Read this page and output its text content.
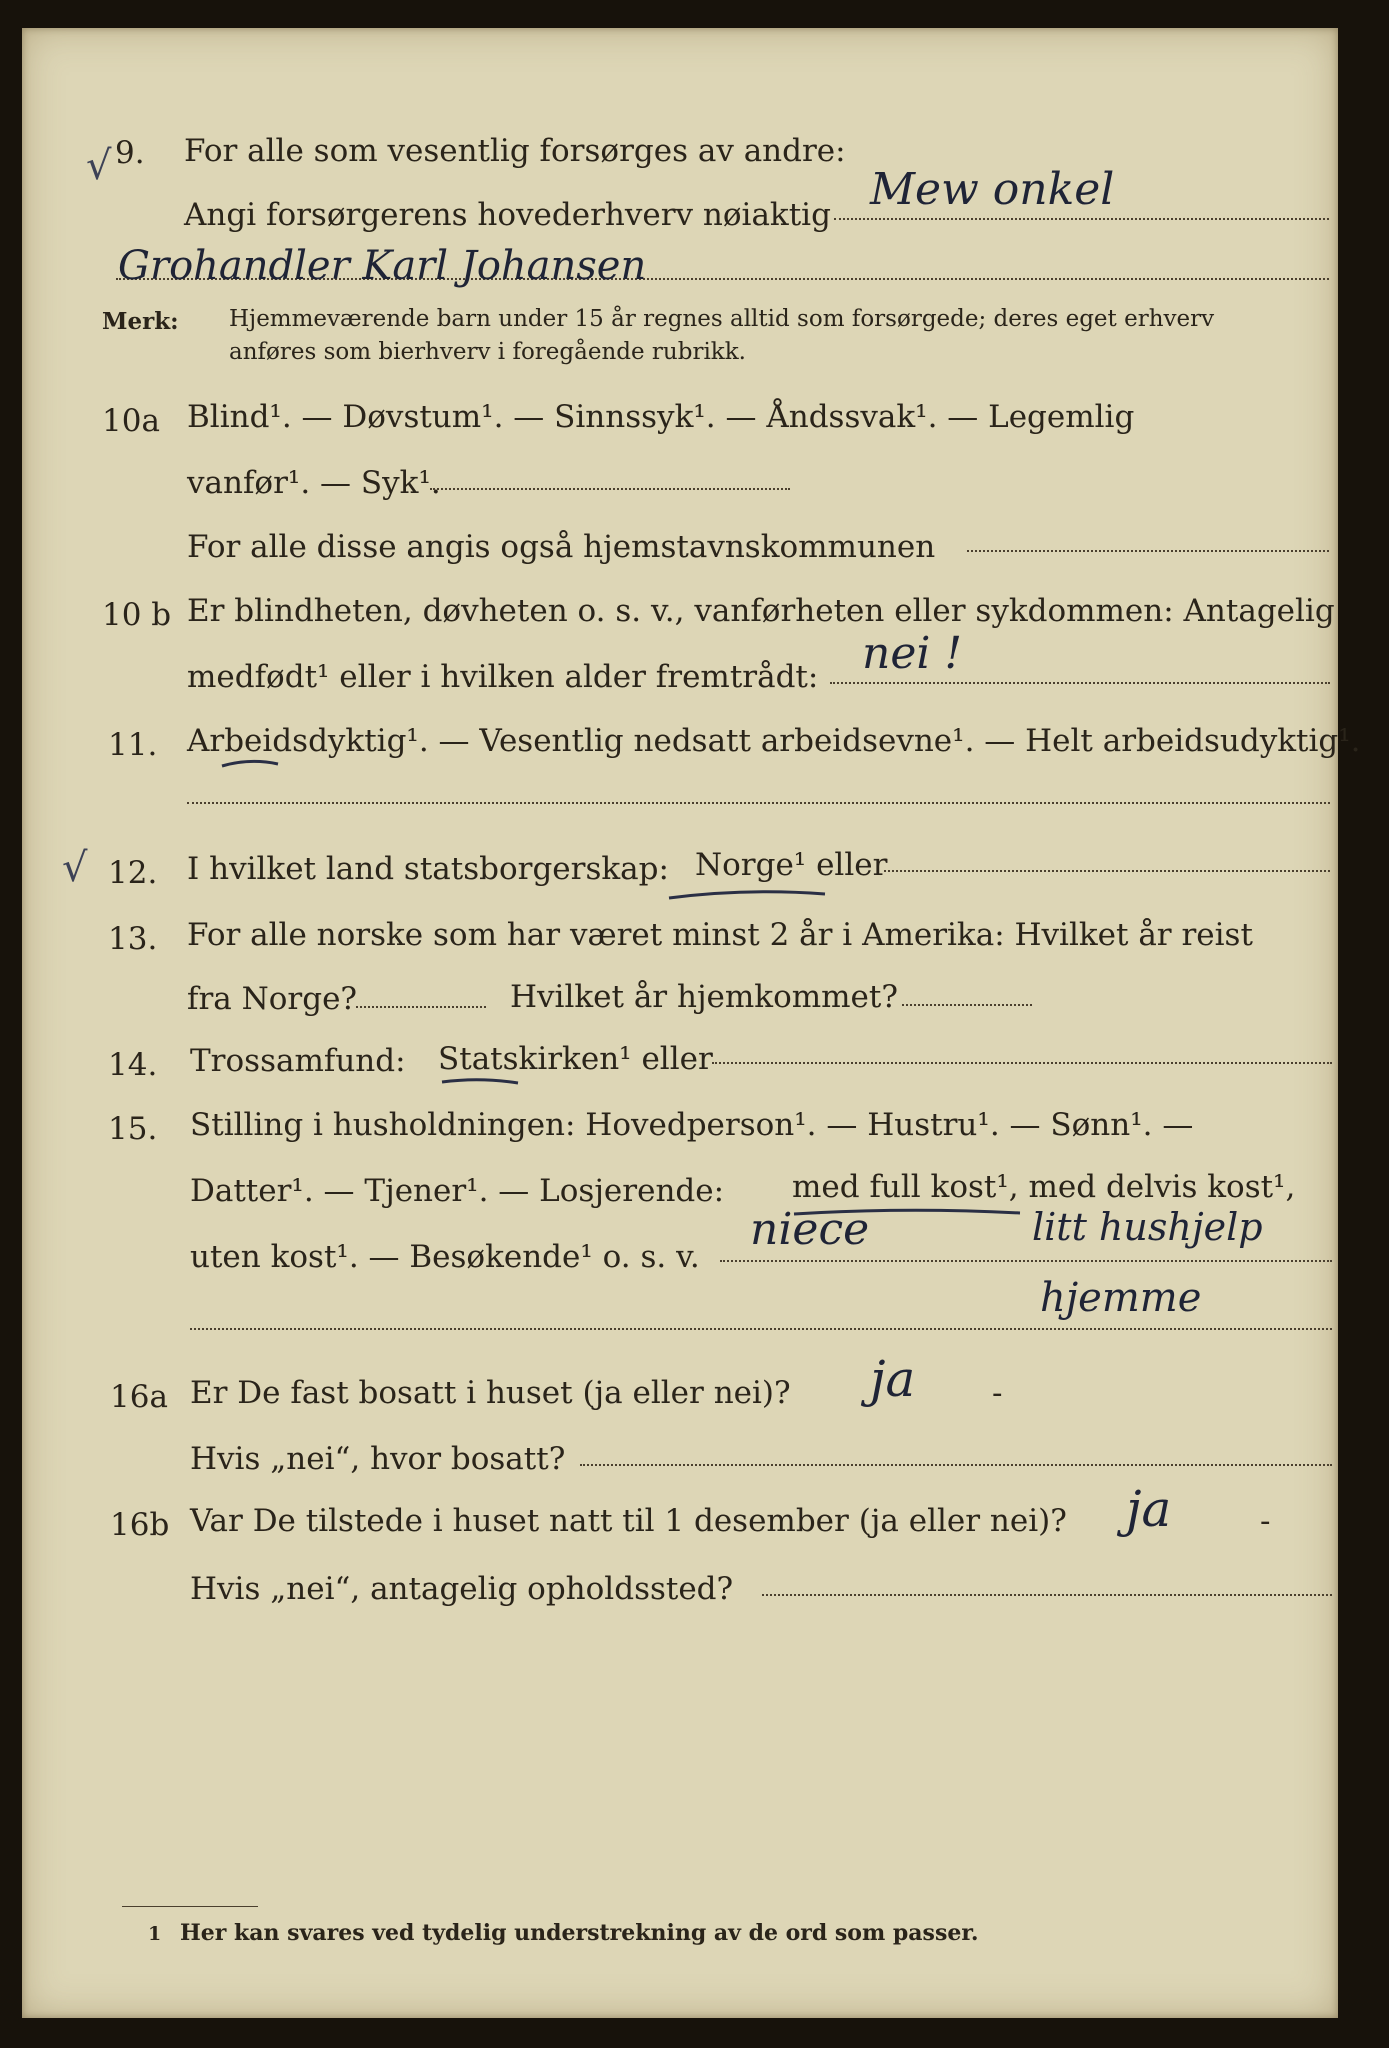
√ 9. For alle som vesentlig forsørges av andre:
Angi forsørgerens hovederhverv nøiaktig Mew onkel
Grohandler Karl Johansen
Merk: Hjemmeværende barn under 15 år regnes alltid som forsørgede; deres eget erhverv
anføres som bierhverv i foregående rubrikk.
10a Blind¹. — Døvstum¹. — Sinnssyk¹. — Åndssvak¹. — Legemlig
vanfør¹. — Syk¹.
For alle disse angis også hjemstavnskommunen
10 b Er blindheten, døvheten o. s. v., vanførheten eller sykdommen: Antagelig
medfødt¹ eller i hvilken alder fremtrådt: nei !
11. Arbeidsdyktig¹. — Vesentlig nedsatt arbeidsevne¹. — Helt arbeidsudyktig¹.
√ 12. I hvilket land statsborgerskap: Norge¹ eller
13. For alle norske som har været minst 2 år i Amerika: Hvilket år reist
fra Norge?	Hvilket år hjemkommet?
14. Trossamfund: Statskirken¹ eller
15. Stilling i husholdningen: Hovedperson¹. — Hustru¹. — Sønn¹. —
Datter¹. — Tjener¹. — Losjerende: med full kost¹, med delvis kost¹,
uten kost¹. — Besøkende¹ o. s. v.
niece	litt hushjelp
hjemme
16a Er De fast bosatt i huset (ja eller nei)? ja -
Hvis „nei“, hvor bosatt?
16b Var De tilstede i huset natt til 1 desember (ja eller nei)? ja	-
Hvis „nei“, antagelig opholdssted?
1 Her kan svares ved tydelig understrekning av de ord som passer.
